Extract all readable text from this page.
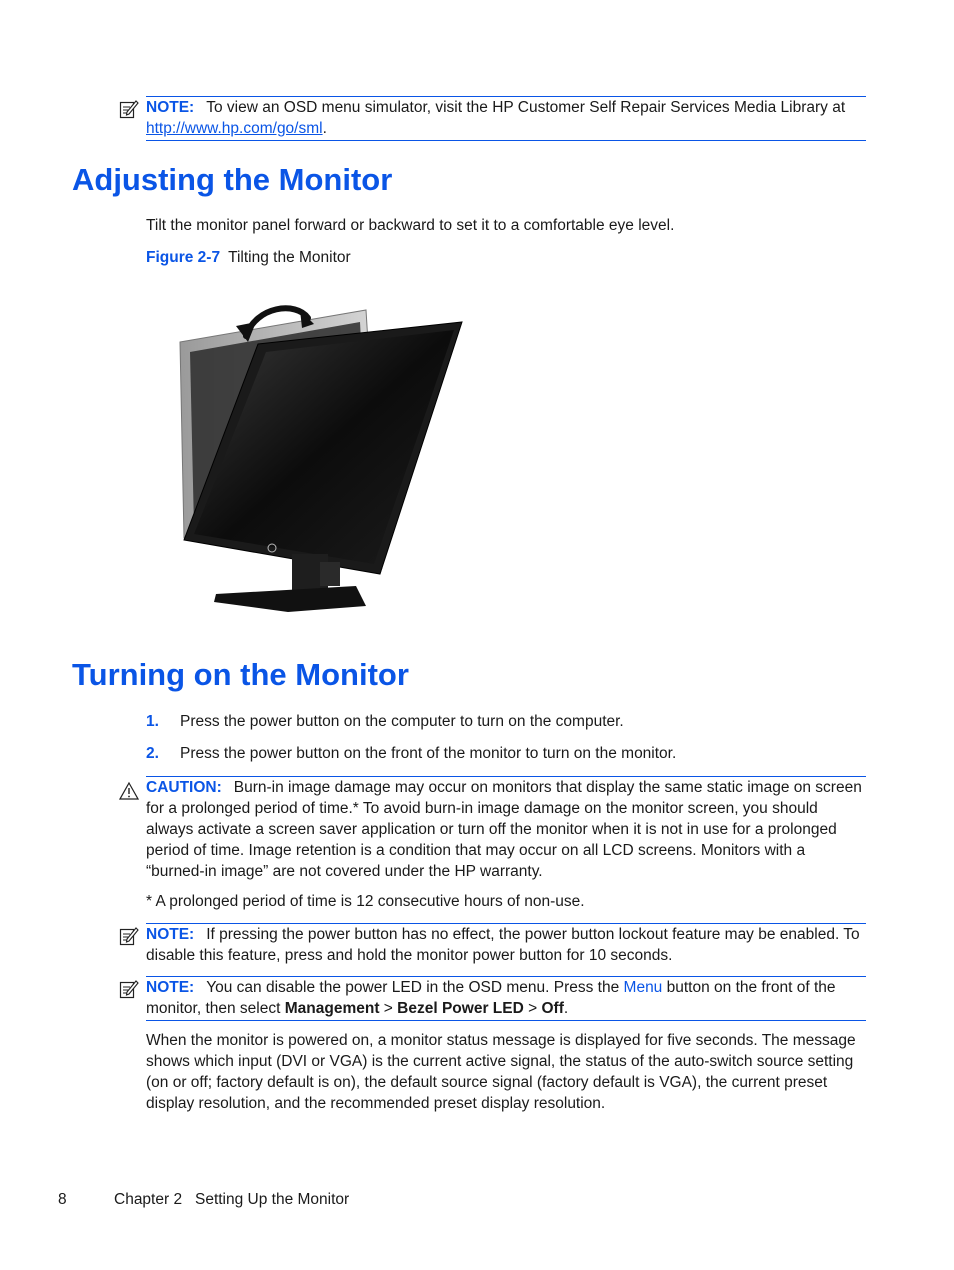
NOTE: To view an OSD menu simulator, visit the HP Customer Self Repair Services Media Library at http://www.hp.com/go/sml.
Adjusting the Monitor

Tilt the monitor panel forward or backward to set it to a comfortable eye level.

Figure 2-7 Tilting the Monitor

Turning on the Monitor
1. Press the power button on the computer to turn on the computer.
2. Press the power button on the front of the monitor to turn on the monitor.
CAUTION: Burn-in image damage may occur on monitors that display the same static image on screen for a prolonged period of time.* To avoid burn-in image damage on the monitor screen, you should always activate a screen saver application or turn off the monitor when it is not in use for a prolonged period of time. Image retention is a condition that may occur on all LCD screens. Monitors with a “burned-in image” are not covered under the HP warranty.

* A prolonged period of time is 12 consecutive hours of non-use.

NOTE: If pressing the power button has no effect, the power button lockout feature may be enabled. To disable this feature, press and hold the monitor power button for 10 seconds.
NOTE: You can disable the power LED in the OSD menu. Press the Menu button on the front of the monitor, then select Management > Bezel Power LED > Off.

When the monitor is powered on, a monitor status message is displayed for five seconds. The message shows which input (DVI or VGA) is the current active signal, the status of the auto-switch source setting (on or off; factory default is on), the default source signal (factory default is VGA), the current preset display resolution, and the recommended preset display resolution.

8	Chapter 2   Setting Up the Monitor
